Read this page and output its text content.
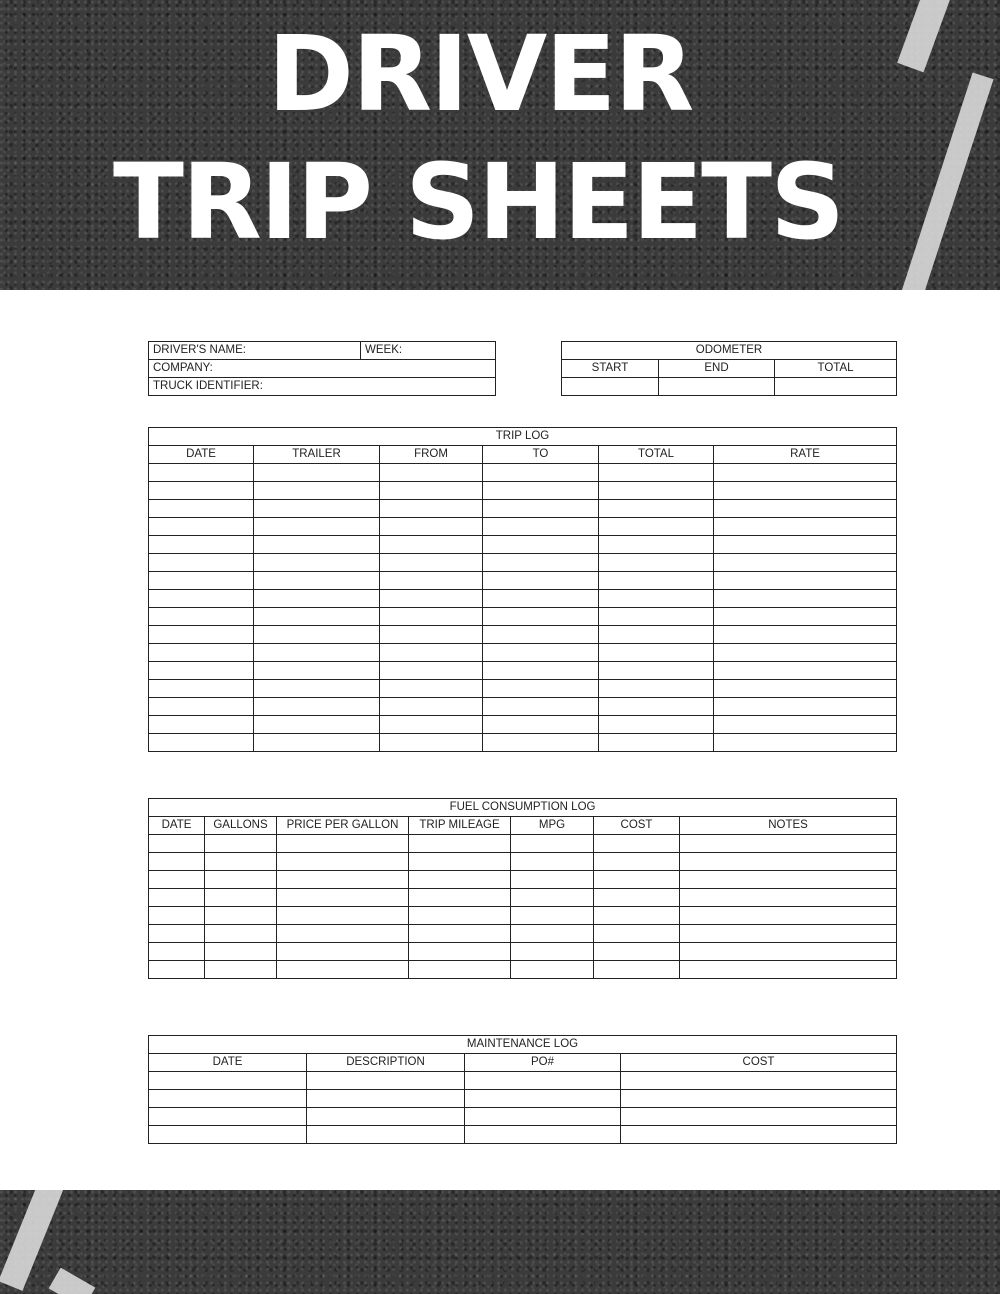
DRIVER
TRIP SHEETS
DRIVER'S NAME:	WEEK:
COMPANY:
TRUCK IDENTIFIER:
ODOMETER		
START	END	TOTAL

TRIP LOG					
DATE	TRAILER	FROM	TO	TOTAL	RATE

FUEL CONSUMPTION LOG						
DATE	GALLONS	PRICE PER GALLON	TRIP MILEAGE	MPG	COST	NOTES

MAINTENANCE LOG			
DATE	DESCRIPTION	PO#	COST
